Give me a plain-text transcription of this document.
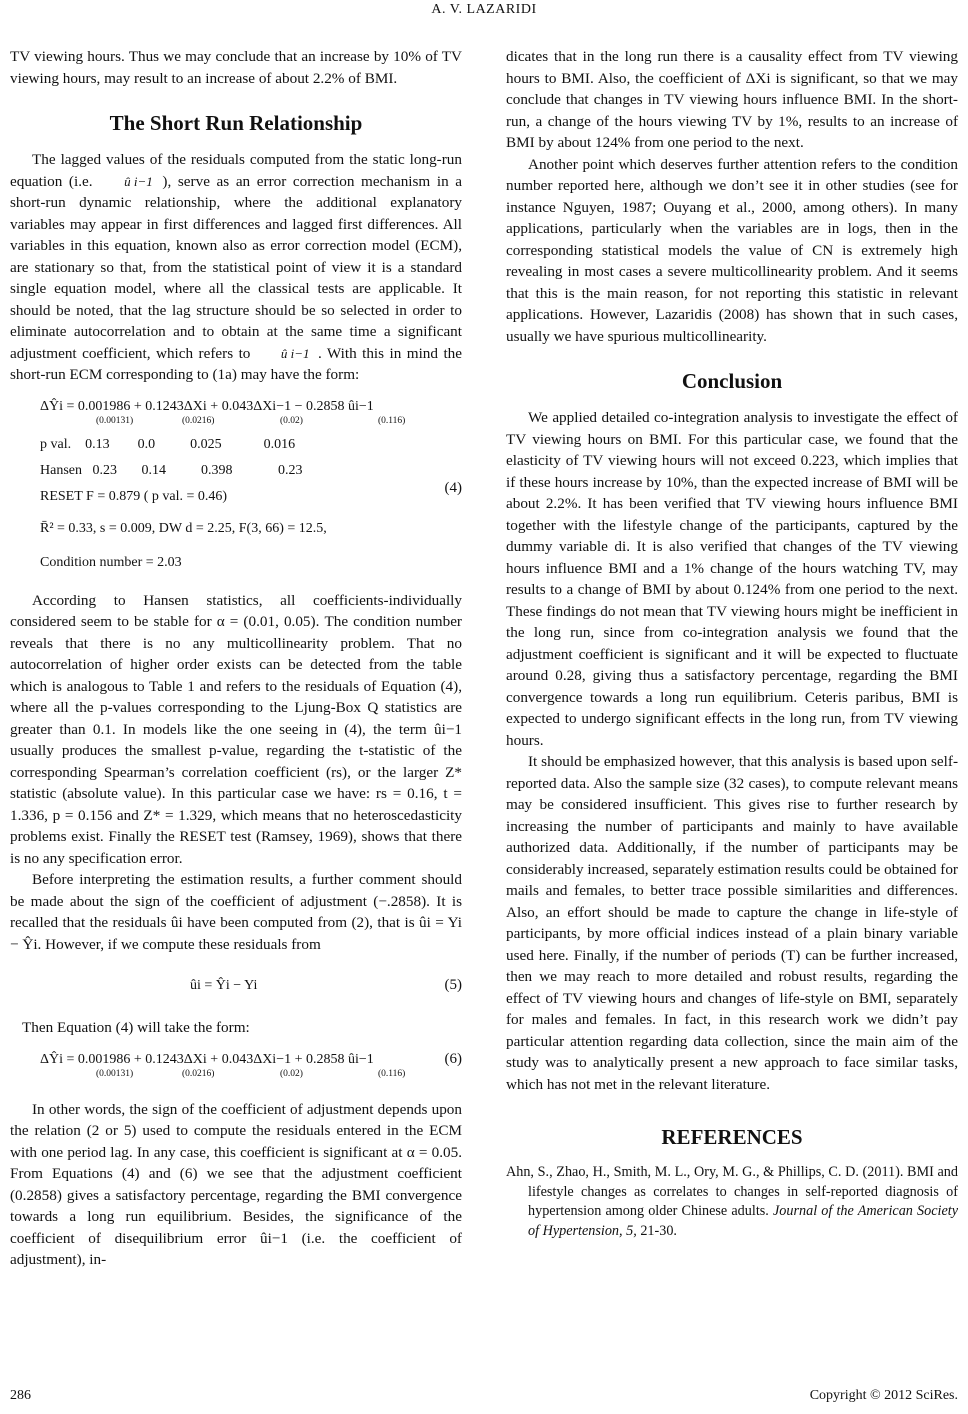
A. V. LAZARIDI

TV viewing hours. Thus we may conclude that an increase by 10% of TV viewing hours, may result to an increase of about 2.2% of BMI.

The Short Run Relationship

The lagged values of the residuals computed from the static long-run equation (i.e. û i−1 ), serve as an error correction mechanism in a short-run dynamic relationship, where the additional explanatory variables may appear in first differences and lagged first differences. All variables in this equation, known also as error correction model (ECM), are stationary so that, from the statistical point of view it is a standard single equation model, where all the classical tests are applicable. It should be noted, that the lag structure should be so selected in order to eliminate autocorrelation and to obtain at the same time a significant adjustment coefficient, which refers to û i−1 . With this in mind the short-run ECM corresponding to (1a) may have the form:

ΔŶi = 0.001986 + 0.1243ΔXi + 0.043ΔXi−1 − 0.2858 ûi−1
(0.00131)	(0.0216)	(0.02)	(0.116)
p val.    0.13        0.0          0.025            0.016
Hansen   0.23       0.14          0.398             0.23
RESET F = 0.879 ( p val. = 0.46)
R̄² = 0.33, s = 0.009, DW d = 2.25, F(3, 66) = 12.5,
Condition number = 2.03
(4)

According to Hansen statistics, all coefficients-individually considered seem to be stable for α = (0.01, 0.05). The condition number reveals that there is no any multicollinearity problem. That no autocorrelation of higher order exists can be detected from the table which is analogous to Table 1 and refers to the residuals of Equation (4), where all the p-values corresponding to the Ljung-Box Q statistics are greater than 0.1. In models like the one seeing in (4), the term ûi−1 usually produces the smallest p-value, regarding the t-statistic of the corresponding Spearman’s correlation coefficient (rs), or the larger Z* statistic (absolute value). In this particular case we have: rs = 0.16, t = 1.336, p = 0.156 and Z* = 1.329, which means that no heteroscedasticity problems exist. Finally the RESET test (Ramsey, 1969), shows that there is no any specification error.

Before interpreting the estimation results, a further comment should be made about the sign of the coefficient of adjustment (−.2858). It is recalled that the residuals ûi have been computed from (2), that is ûi = Yi − Ŷi. However, if we compute these residuals from

ûi = Ŷi − Yi	(5)

Then Equation (4) will take the form:

ΔŶi = 0.001986 + 0.1243ΔXi + 0.043ΔXi−1 + 0.2858 ûi−1
(0.00131)	(0.0216)	(0.02)	(0.116)
(6)

In other words, the sign of the coefficient of adjustment depends upon the relation (2 or 5) used to compute the residuals entered in the ECM with one period lag. In any case, this coefficient is significant at α = 0.05. From Equations (4) and (6) we see that the adjustment coefficient (0.2858) gives a satisfactory percentage, regarding the BMI convergence towards a long run equilibrium. Besides, the significance of the coefficient of disequilibrium error ûi−1 (i.e. the coefficient of adjustment), in-

dicates that in the long run there is a causality effect from TV viewing hours to BMI. Also, the coefficient of ΔXi is significant, so that we may conclude that changes in TV viewing hours influence BMI. In the short-run, a change of the hours viewing TV by 1%, results to an increase of BMI by about 124% from one period to the next.

Another point which deserves further attention refers to the condition number reported here, although we don’t see it in other studies (see for instance Nguyen, 1987; Ouyang et al., 2000, among others). In many applications, particularly when the variables are in logs, then in the corresponding statistical models the value of CN is extremely high revealing in most cases a severe multicollinearity problem. And it seems that this is the main reason, for not reporting this statistic in relevant applications. However, Lazaridis (2008) has shown that in such cases, usually we have spurious multicollinearity.

Conclusion

We applied detailed co-integration analysis to investigate the effect of TV viewing hours on BMI. For this particular case, we found that the elasticity of TV viewing hours will not exceed 0.223, which implies that if these hours increase by 10%, than the expected increase of BMI will be about 2.2%. It has been verified that TV viewing hours influence BMI together with the lifestyle change of the participants, captured by the dummy variable di. It is also verified that changes of the TV viewing hours influence BMI and a 1% change of the hours watching TV, may results to a change of BMI by about 0.124% from one period to the next. These findings do not mean that TV viewing hours might be inefficient in the long run, since from co-integration analysis we found that the adjustment coefficient is significant and it will be expected to fluctuate around 0.28, giving thus a satisfactory percentage, regarding the BMI convergence towards a long run equilibrium. Ceteris paribus, BMI is expected to undergo significant effects in the long run, from TV viewing hours.

It should be emphasized however, that this analysis is based upon self-reported data. Also the sample size (32 cases), to compute relevant means may be considered insufficient. This gives rise to further research by increasing the number of participants and mainly to have available authorized data. Additionally, if the number of participants may be considerably increased, separately estimation results could be obtained for mails and females, to better trace possible similarities and differences. Also, an effort should be made to capture the change in life-style of participants, by more official indices instead of a plain binary variable used here. Finally, if the number of periods (T) can be further increased, then we may reach to more detailed and robust results, regarding the effect of TV viewing hours and changes of life-style on BMI, separately for males and females. In fact, in this research work we didn’t pay particular attention regarding data collection, since the main aim of the study was to analytically present a new approach to face similar tasks, which has not met in the relevant literature.

REFERENCES
Ahn, S., Zhao, H., Smith, M. L., Ory, M. G., & Phillips, C. D. (2011). BMI and lifestyle changes as correlates to changes in self-reported diagnosis of hypertension among older Chinese adults. Journal of the American Society of Hypertension, 5, 21-30.
286	Copyright © 2012 SciRes.
